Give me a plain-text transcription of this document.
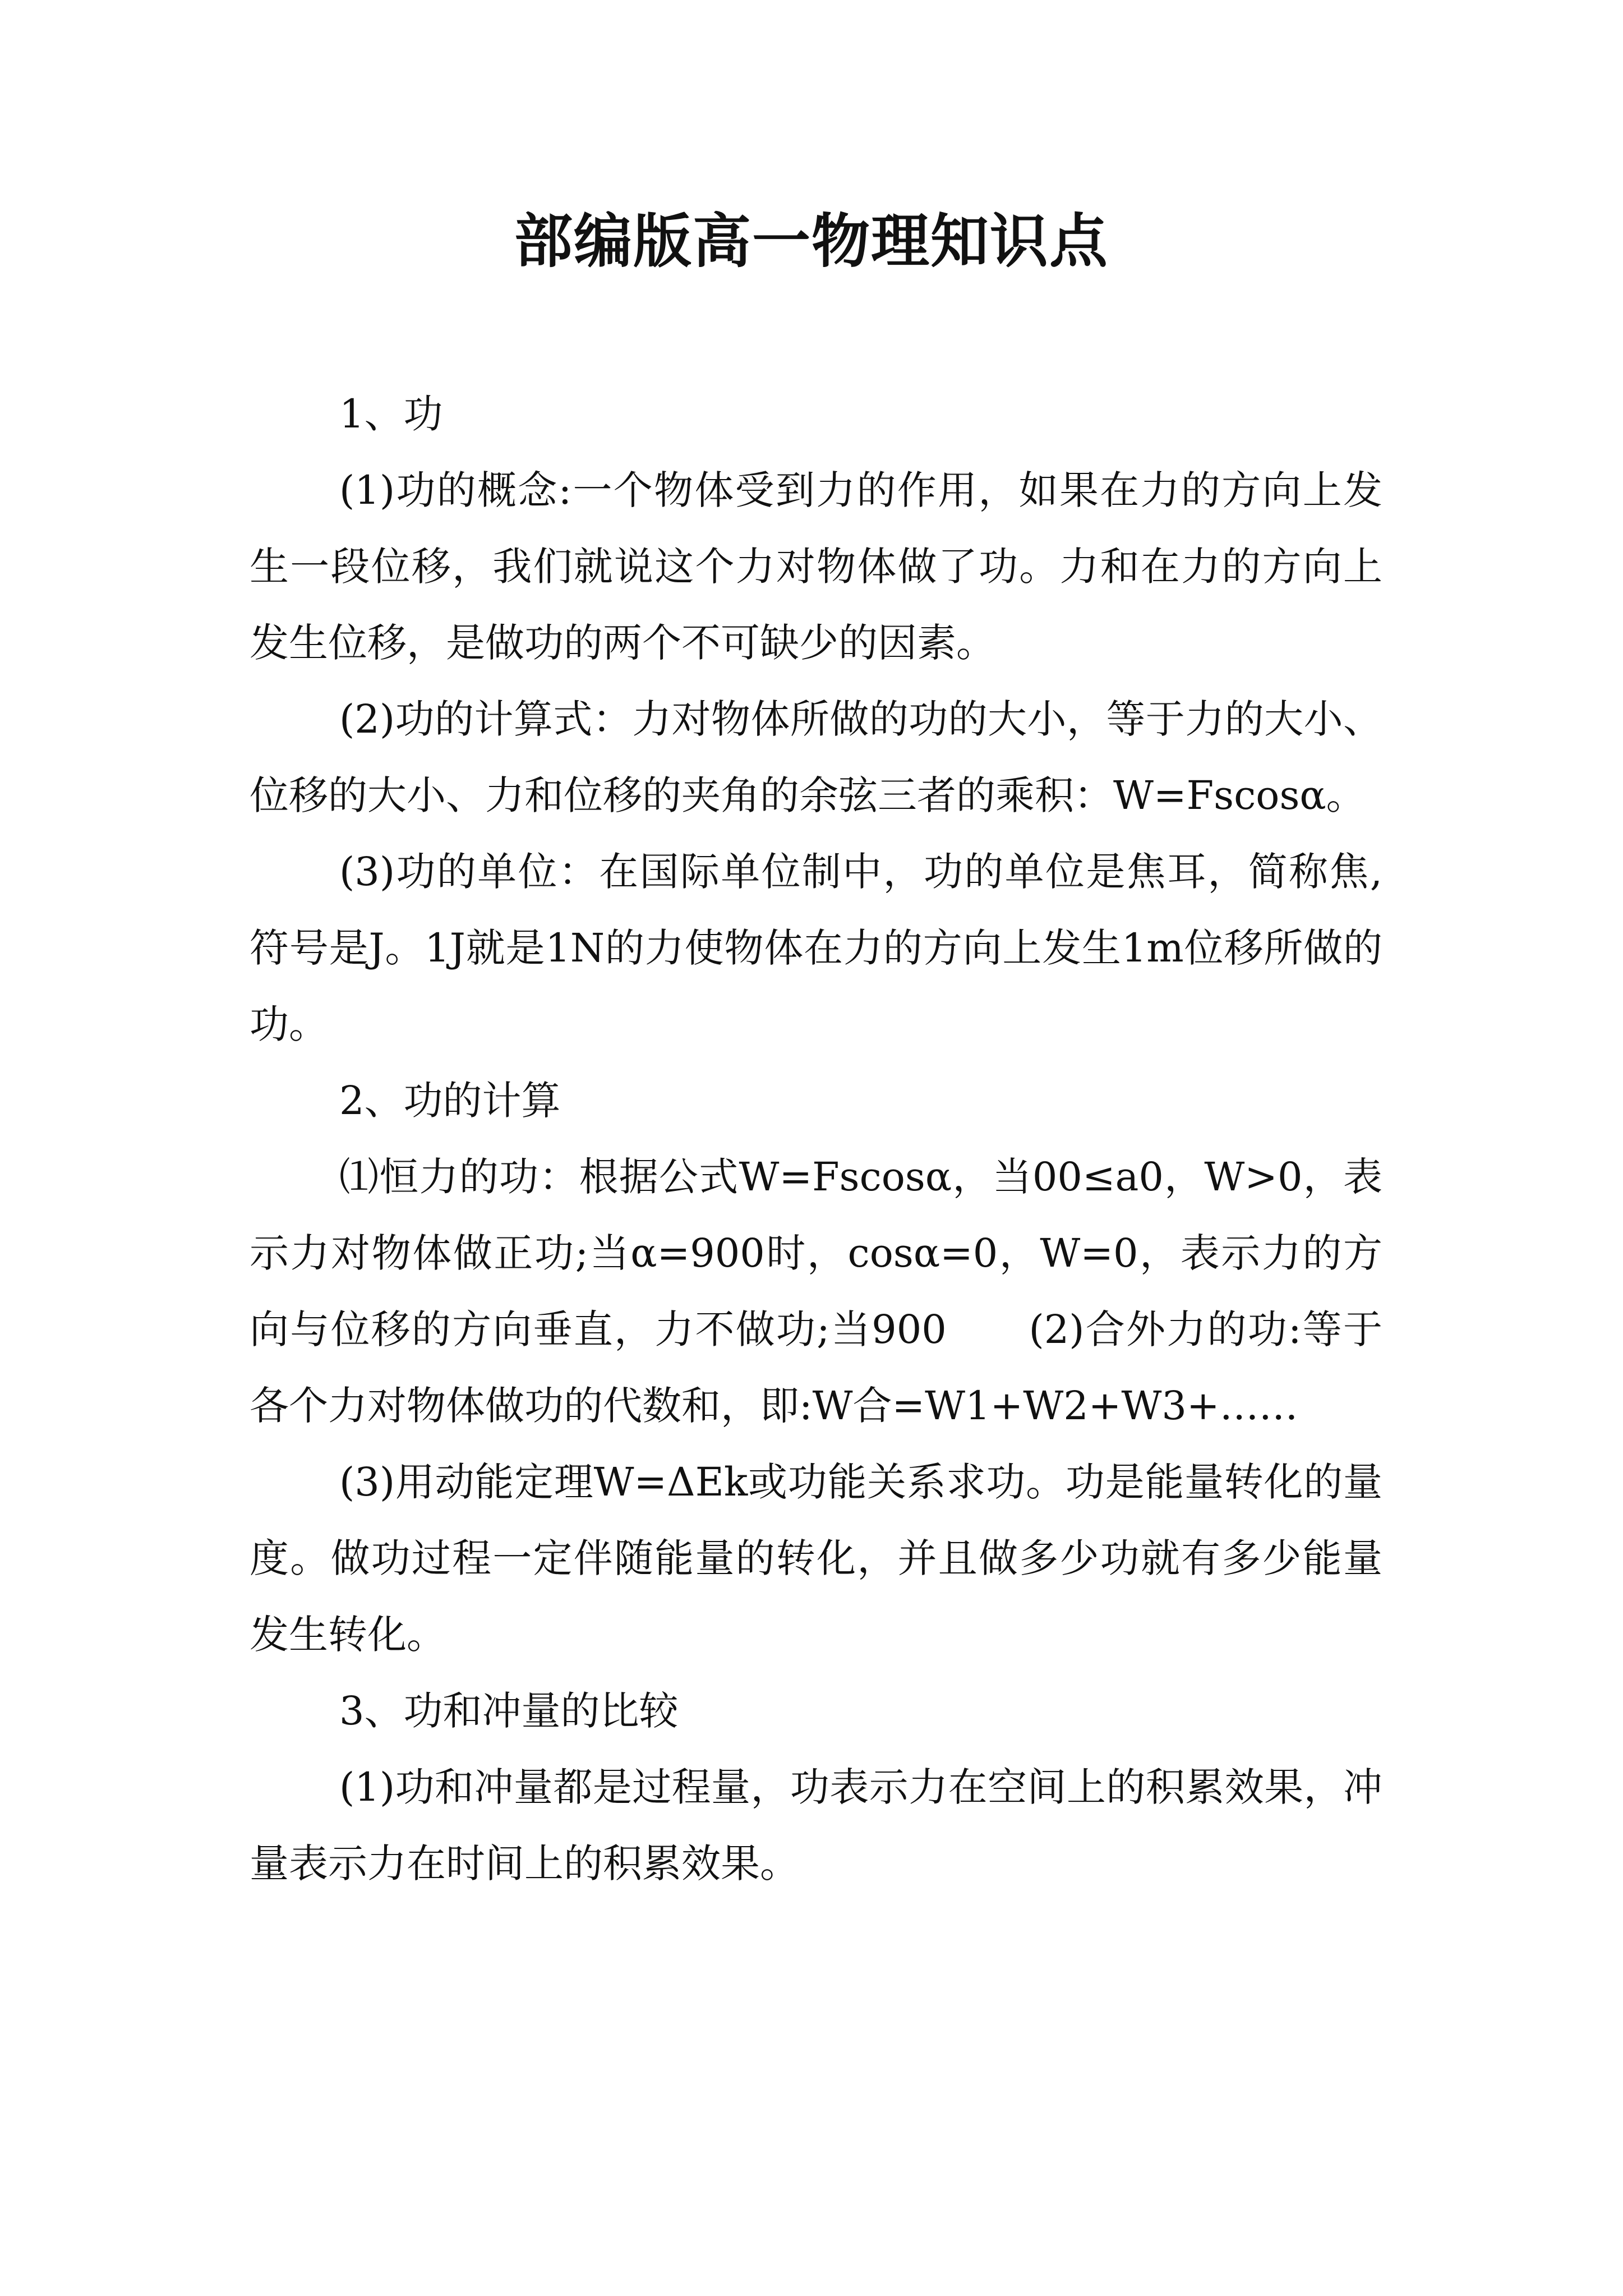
部编版高一物理知识点

1、功

(1)功的概念:一个物体受到力的作用，如果在力的方向上发生一段位移，我们就说这个力对物体做了功。力和在力的方向上发生位移，是做功的两个不可缺少的因素。

(2)功的计算式：力对物体所做的功的大小，等于力的大小、位移的大小、力和位移的夹角的余弦三者的乘积：W=Fscosα。

(3)功的单位：在国际单位制中，功的单位是焦耳，简称焦,符号是J。1J就是1N的力使物体在力的方向上发生1m位移所做的功。

2、功的计算

⑴恒力的功：根据公式W=Fscosα，当00≤a0，W>0，表示力对物体做正功;当α=900时，cosα=0，W=0，表示力的方向与位移的方向垂直，力不做功;当900　　(2)合外力的功:等于各个力对物体做功的代数和，即:W合=W1+W2+W3+……

(3)用动能定理W=ΔEk或功能关系求功。功是能量转化的量度。做功过程一定伴随能量的转化，并且做多少功就有多少能量发生转化。

3、功和冲量的比较

(1)功和冲量都是过程量，功表示力在空间上的积累效果，冲量表示力在时间上的积累效果。
